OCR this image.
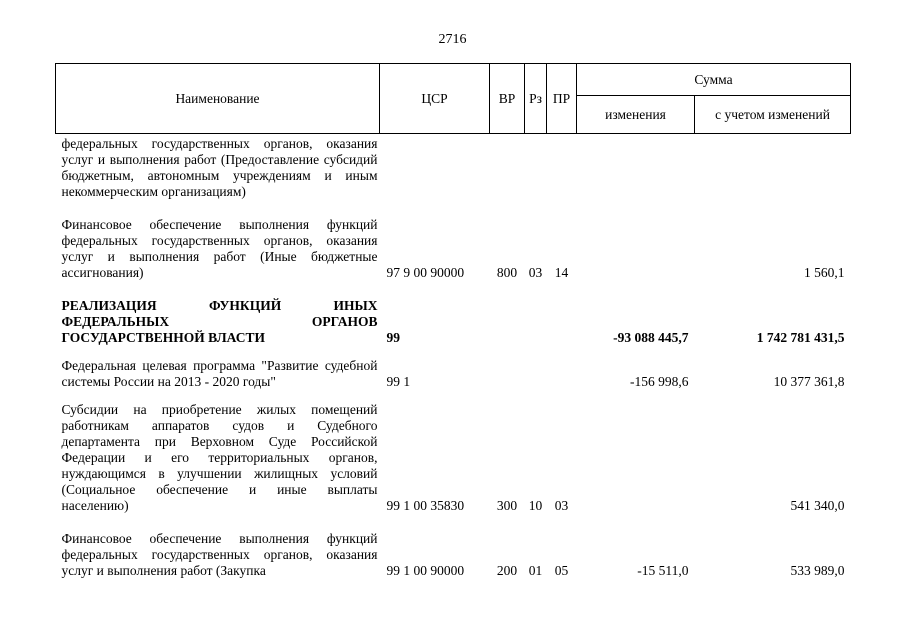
2716
Наименование	ЦСР	ВР	Рз	ПР	Сумма	
					изменения	с учетом изменений

федеральных государственных органов, оказания услуг и выполнения работ (Предоставление субсидий бюджетным, автономным учреждениям и иным некоммерческим организациям)						

Финансовое обеспечение выполнения функций федеральных государственных органов, оказания услуг и выполнения работ (Иные бюджетные ассигнования)	97 9 00 90000	800	03	14		1 560,1

РЕАЛИЗАЦИЯ ФУНКЦИЙ ИНЫХ ФЕДЕРАЛЬНЫХ ОРГАНОВ ГОСУДАРСТВЕННОЙ ВЛАСТИ	99				-93 088 445,7	1 742 781 431,5

Федеральная целевая программа "Развитие судебной системы России на 2013 - 2020 годы"	99 1				-156 998,6	10 377 361,8

Субсидии на приобретение жилых помещений работникам аппаратов судов и Судебного департамента при Верховном Суде Российской Федерации и его территориальных органов, нуждающимся в улучшении жилищных условий (Социальное обеспечение и иные выплаты населению)	99 1 00 35830	300	10	03		541 340,0

Финансовое обеспечение выполнения функций федеральных государственных органов, оказания услуг и выполнения работ (Закупка	99 1 00 90000	200	01	05	-15 511,0	533 989,0
